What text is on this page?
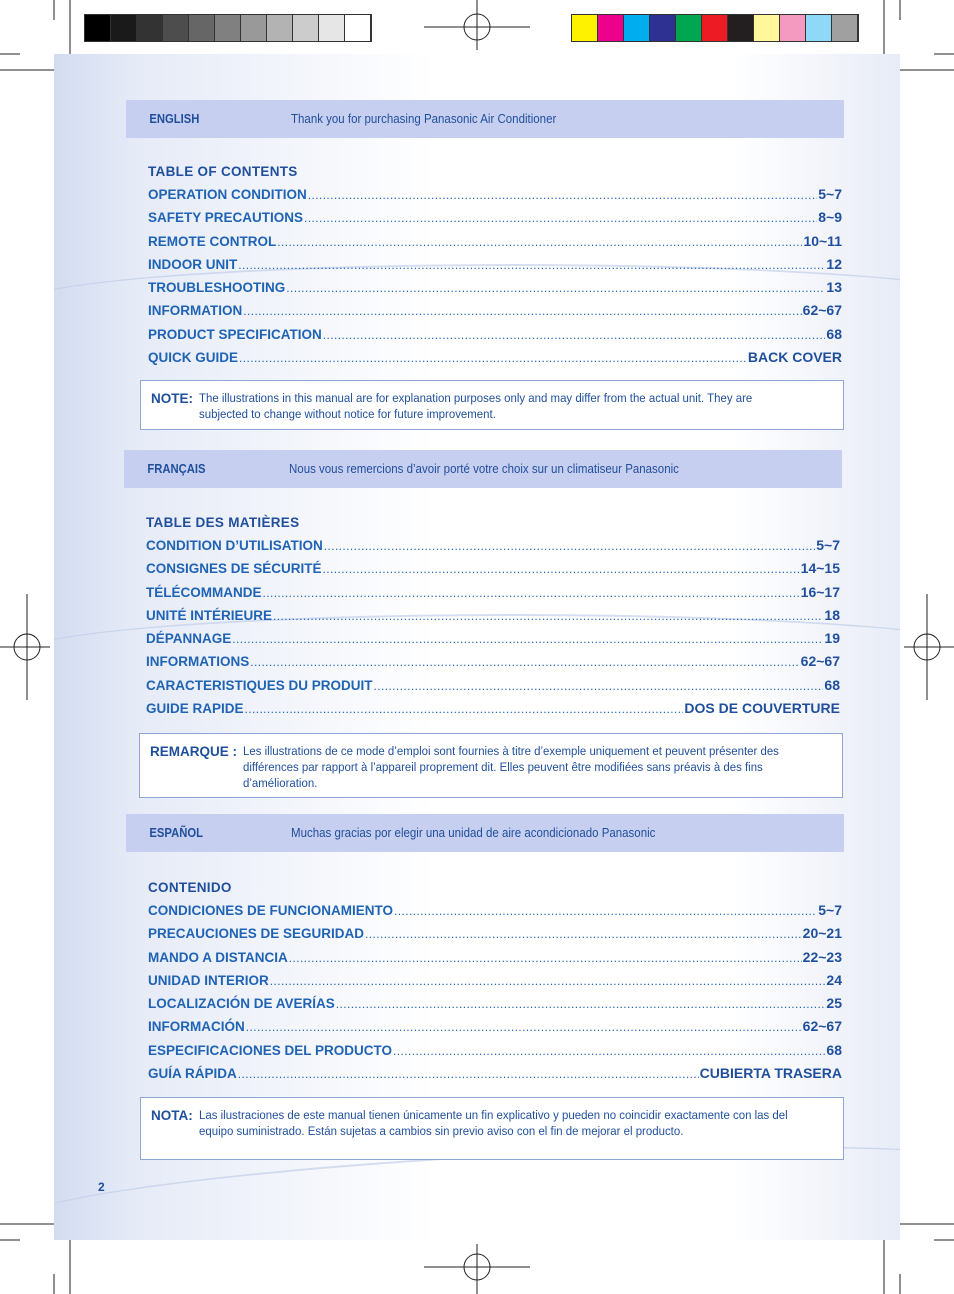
ENGLISH	Thank you for purchasing Panasonic Air Conditioner
TABLE OF CONTENTS
OPERATION CONDITION .....	5~7
SAFETY PRECAUTIONS .....	8~9
REMOTE CONTROL .....	10~11
INDOOR UNIT .....	12
TROUBLESHOOTING .....	13
INFORMATION .....	62~67
PRODUCT SPECIFICATION .....	68
QUICK GUIDE .....	BACK COVER
NOTE: The illustrations in this manual are for explanation purposes only and may differ from the actual unit. They are subjected to change without notice for future improvement.
FRANÇAIS	Nous vous remercions d’avoir porté votre choix sur un climatiseur Panasonic
TABLE DES MATIÈRES
CONDITION D’UTILISATION .....	5~7
CONSIGNES DE SÉCURITÉ .....	14~15
TÉLÉCOMMANDE .....	16~17
UNITÉ INTÉRIEURE .....	18
DÉPANNAGE .....	19
INFORMATIONS .....	62~67
CARACTERISTIQUES DU PRODUIT .....	68
GUIDE RAPIDE .....	DOS DE COUVERTURE
REMARQUE : Les illustrations de ce mode d’emploi sont fournies à titre d’exemple uniquement et peuvent présenter des différences par rapport à l’appareil proprement dit. Elles peuvent être modifiées sans préavis à des fins d’amélioration.
ESPAÑOL	Muchas gracias por elegir una unidad de aire acondicionado Panasonic
CONTENIDO
CONDICIONES DE FUNCIONAMIENTO .....	5~7
PRECAUCIONES DE SEGURIDAD .....	20~21
MANDO A DISTANCIA .....	22~23
UNIDAD INTERIOR .....	24
LOCALIZACIÓN DE AVERÍAS .....	25
INFORMACIÓN .....	62~67
ESPECIFICACIONES DEL PRODUCTO .....	68
GUÍA RÁPIDA .....	CUBIERTA TRASERA
NOTA: Las ilustraciones de este manual tienen únicamente un fin explicativo y pueden no coincidir exactamente con las del equipo suministrado. Están sujetas a cambios sin previo aviso con el fin de mejorar el producto.
2
